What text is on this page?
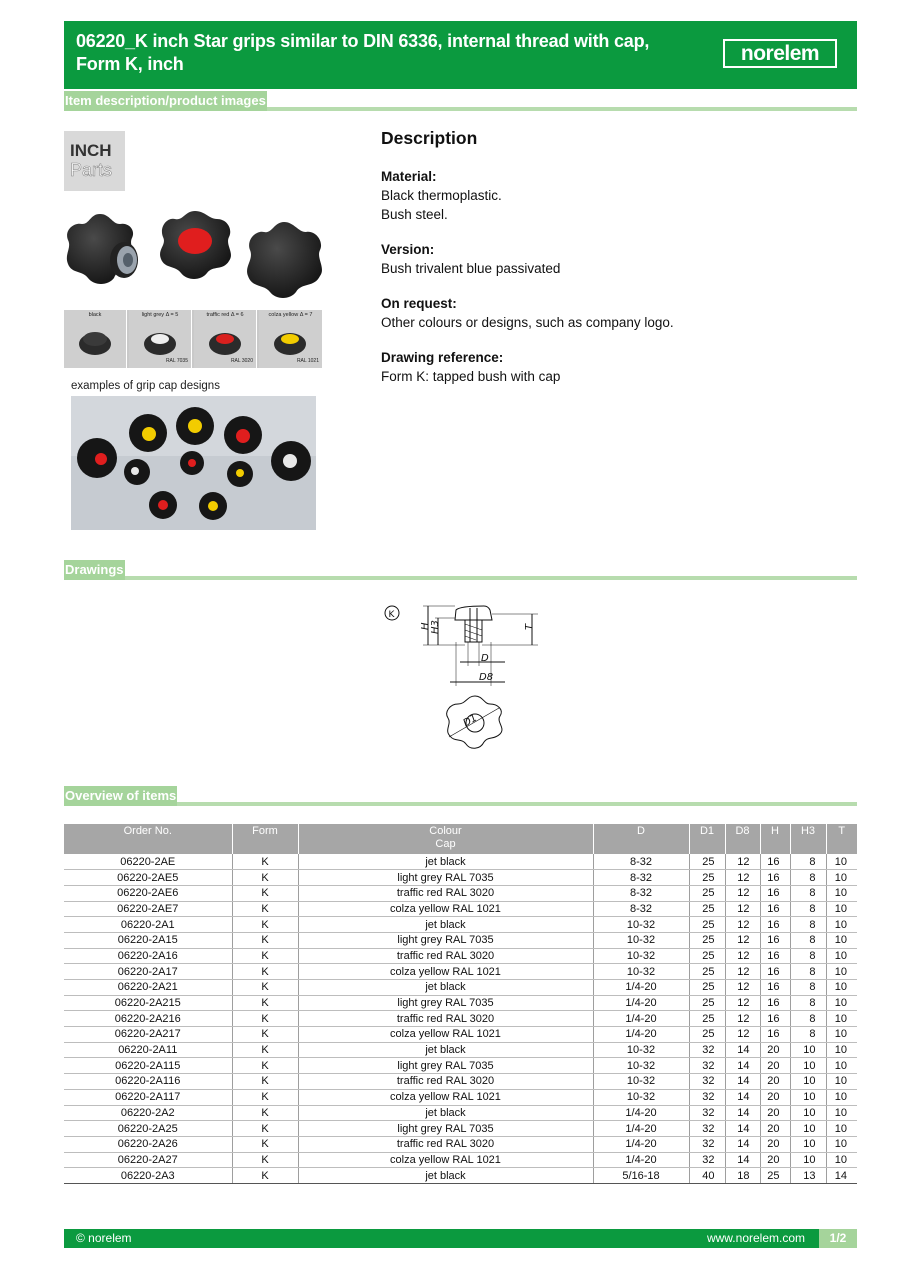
06220_K inch Star grips similar to DIN 6336, internal thread with cap, Form K, inch	norelem
Item description/product images
INCH
Parts
black	light grey Δ = 5
RAL 7035
traffic red Δ = 6
RAL 3020
colza yellow Δ = 7
RAL 1021
examples of grip cap designs
Description
Material:
Black thermoplastic.
Bush steel.
Version:
Bush trivalent blue passivated
On request:
Other colours or designs, such as company logo.
Drawing reference:
Form K: tapped bush with cap
Drawings
K
H H3	T
D
D8
D1
Overview of items
Order No.	Form	Colour
Cap	D	D1	D8	H	H3	T
06220-2AE	K	jet black	8-32	25	12	16	8	10
06220-2AE5	K	light grey RAL 7035	8-32	25	12	16	8	10
06220-2AE6	K	traffic red RAL 3020	8-32	25	12	16	8	10
06220-2AE7	K	colza yellow RAL 1021	8-32	25	12	16	8	10
06220-2A1	K	jet black	10-32	25	12	16	8	10
06220-2A15	K	light grey RAL 7035	10-32	25	12	16	8	10
06220-2A16	K	traffic red RAL 3020	10-32	25	12	16	8	10
06220-2A17	K	colza yellow RAL 1021	10-32	25	12	16	8	10
06220-2A21	K	jet black	1/4-20	25	12	16	8	10
06220-2A215	K	light grey RAL 7035	1/4-20	25	12	16	8	10
06220-2A216	K	traffic red RAL 3020	1/4-20	25	12	16	8	10
06220-2A217	K	colza yellow RAL 1021	1/4-20	25	12	16	8	10
06220-2A11	K	jet black	10-32	32	14	20	10	10
06220-2A115	K	light grey RAL 7035	10-32	32	14	20	10	10
06220-2A116	K	traffic red RAL 3020	10-32	32	14	20	10	10
06220-2A117	K	colza yellow RAL 1021	10-32	32	14	20	10	10
06220-2A2	K	jet black	1/4-20	32	14	20	10	10
06220-2A25	K	light grey RAL 7035	1/4-20	32	14	20	10	10
06220-2A26	K	traffic red RAL 3020	1/4-20	32	14	20	10	10
06220-2A27	K	colza yellow RAL 1021	1/4-20	32	14	20	10	10
06220-2A3	K	jet black	5/16-18	40	18	25	13	14
© norelem	www.norelem.com	1/2
